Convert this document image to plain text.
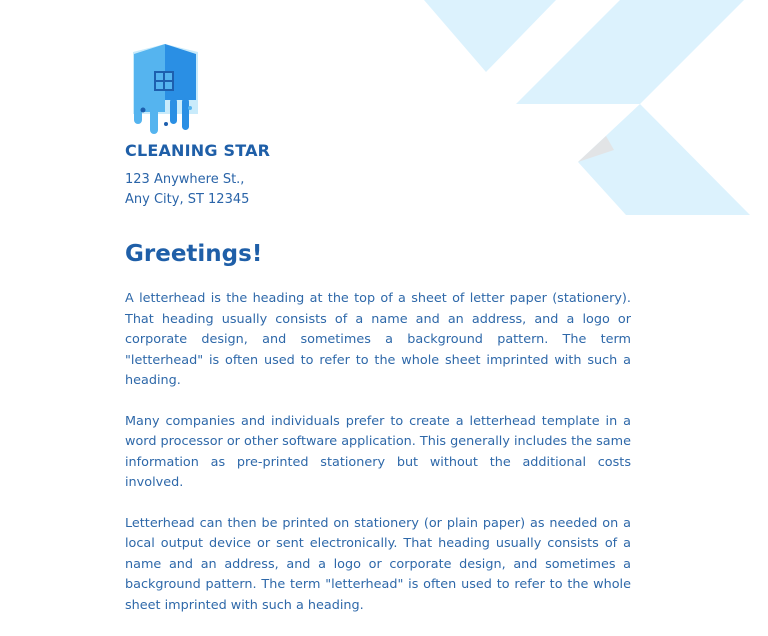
CLEANING STAR
123 Anywhere St.,
Any City, ST 12345
Greetings!

A letterhead is the heading at the top of a sheet of letter paper (stationery). That heading usually consists of a name and an address, and a logo or corporate design, and sometimes a background pattern. The term "letterhead" is often used to refer to the whole sheet imprinted with such a heading.

Many companies and individuals prefer to create a letterhead template in a word processor or other software application. This generally includes the same information as pre-printed stationery but without the additional costs involved.

Letterhead can then be printed on stationery (or plain paper) as needed on a local output device or sent electronically. That heading usually consists of a name and an address, and a logo or corporate design, and sometimes a background pattern. The term "letterhead" is often used to refer to the whole sheet imprinted with such a heading.
